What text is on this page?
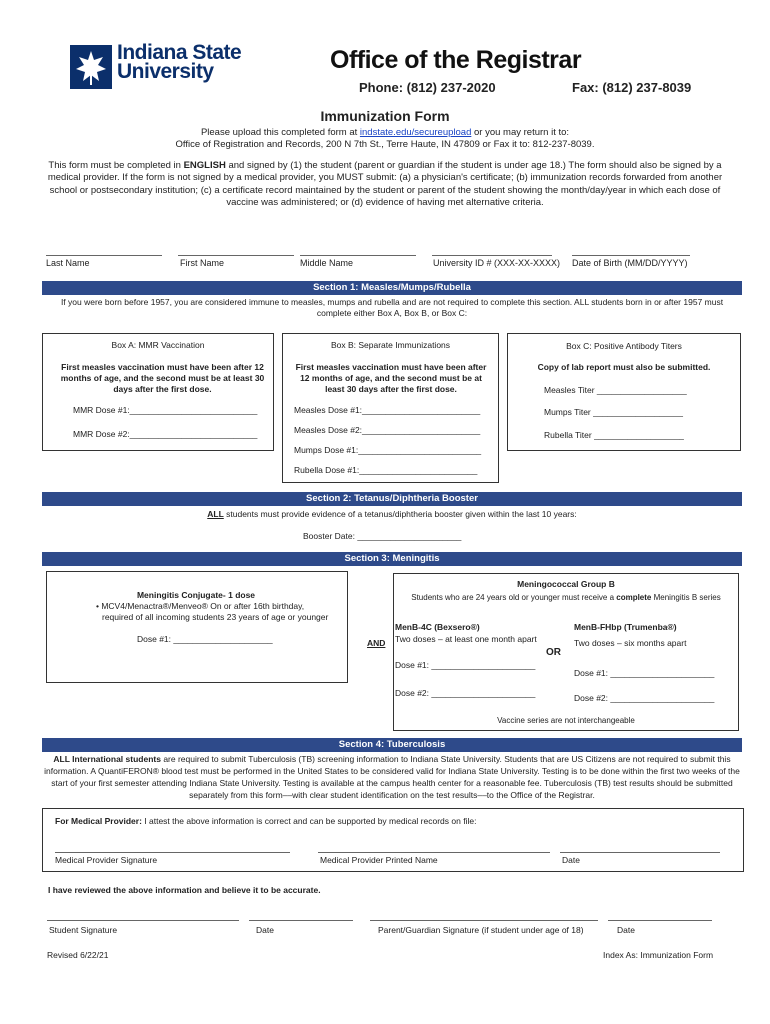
Indiana State
University	Office of the Registrar
Phone: (812) 237-2020	Fax: (812) 237-8039
Immunization Form
Please upload this completed form at indstate.edu/secureupload or you may return it to:
Office of Registration and Records, 200 N 7th St., Terre Haute, IN 47809 or Fax it to: 812-237-8039.
This form must be completed in ENGLISH and signed by (1) the student (parent or guardian if the student is under age 18.) The form should also be signed by a medical provider. If the form is not signed by a medical provider, you MUST submit: (a) a physician's certificate; (b) immunization records forwarded from another school or postsecondary institution; (c) a certificate record maintained by the student or parent of the student showing the month/day/year in which each dose of vaccine was administered; or (d) evidence of having met alternative criteria.
Last Name	First Name	Middle Name	University ID # (XXX-XX-XXXX) Date of Birth (MM/DD/YYYY)
Section 1: Measles/Mumps/Rubella
If you were born before 1957, you are considered immune to measles, mumps and rubella and are not required to complete this section. ALL students born in or after 1957 must complete either Box A, Box B, or Box C:
Box A: MMR Vaccination
First measles vaccination must have been after 12 months of age, and the second must be at least 30 days after the first dose.
MMR Dose #1:___________________________
MMR Dose #2:___________________________
Box B: Separate Immunizations
First measles vaccination must have been after 12 months of age, and the second must be at least 30 days after the first dose.
Measles Dose #1:_________________________
Measles Dose #2:_________________________
Mumps Dose #1:__________________________
Rubella Dose #1:_________________________
Box C: Positive Antibody Titers
Copy of lab report must also be submitted.
Measles Titer ___________________
Mumps Titer ___________________
Rubella Titer ___________________
Section 2: Tetanus/Diphtheria Booster
ALL students must provide evidence of a tetanus/diphtheria booster given within the last 10 years:
Booster Date: ______________________
Section 3: Meningitis
Meningitis Conjugate- 1 dose
• MCV4/Menactra®/Menveo® On or after 16th birthday,
required of all incoming students 23 years of age or younger
Dose #1: _____________________	AND
Meningococcal Group B
Students who are 24 years old or younger must receive a complete Meningitis B series
MenB-4C (Bexsero®)
Two doses – at least one month apart
Dose #1: ______________________
Dose #2: ______________________
OR
MenB-FHbp (Trumenba®)
Two doses – six months apart
Dose #1: ______________________
Dose #2: ______________________
Vaccine series are not interchangeable
Section 4: Tuberculosis
ALL International students are required to submit Tuberculosis (TB) screening information to Indiana State University. Students that are US Citizens are not required to submit this information. A QuantiFERON® blood test must be performed in the United States to be considered valid for Indiana State University. Testing is to be done within the first two weeks of the start of your first semester attending Indiana State University. Testing is available at the campus health center for a reasonable fee. Tuberculosis (TB) test results should be submitted separately from this form––with clear student identification on the test results––to the Office of the Registrar.
For Medical Provider: I attest the above information is correct and can be supported by medical records on file:
Medical Provider Signature	Medical Provider Printed Name	Date
I have reviewed the above information and believe it to be accurate.
Student Signature	Date	Parent/Guardian Signature (if student under age of 18)	Date
Revised 6/22/21	Index As: Immunization Form
